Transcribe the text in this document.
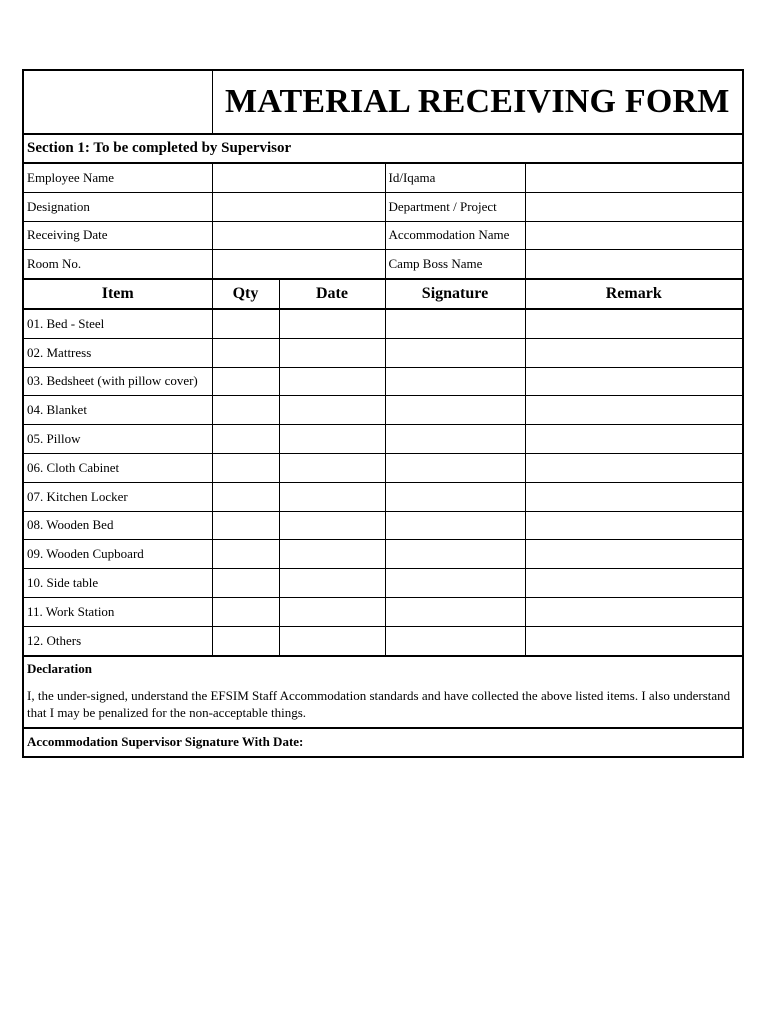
	MATERIAL RECEIVING FORM			
Section 1: To be completed by Supervisor				
Employee Name			Id/Iqama	
Designation			Department / Project	
Receiving Date			Accommodation Name	
Room No.			Camp Boss Name	
Item	Qty	Date	Signature	Remark
01. Bed - Steel				
02. Mattress				
03. Bedsheet (with pillow cover)				
04. Blanket				
05. Pillow				
06. Cloth Cabinet				
07. Kitchen Locker				
08. Wooden Bed				
09. Wooden Cupboard				
10. Side table				
11. Work Station				
12. Others				

Declaration
I, the under-signed, understand the EFSIM Staff Accommodation standards and have collected the above listed items. I also understand that I may be penalized for the non-acceptable things.				

Accommodation Supervisor Signature With Date:				
